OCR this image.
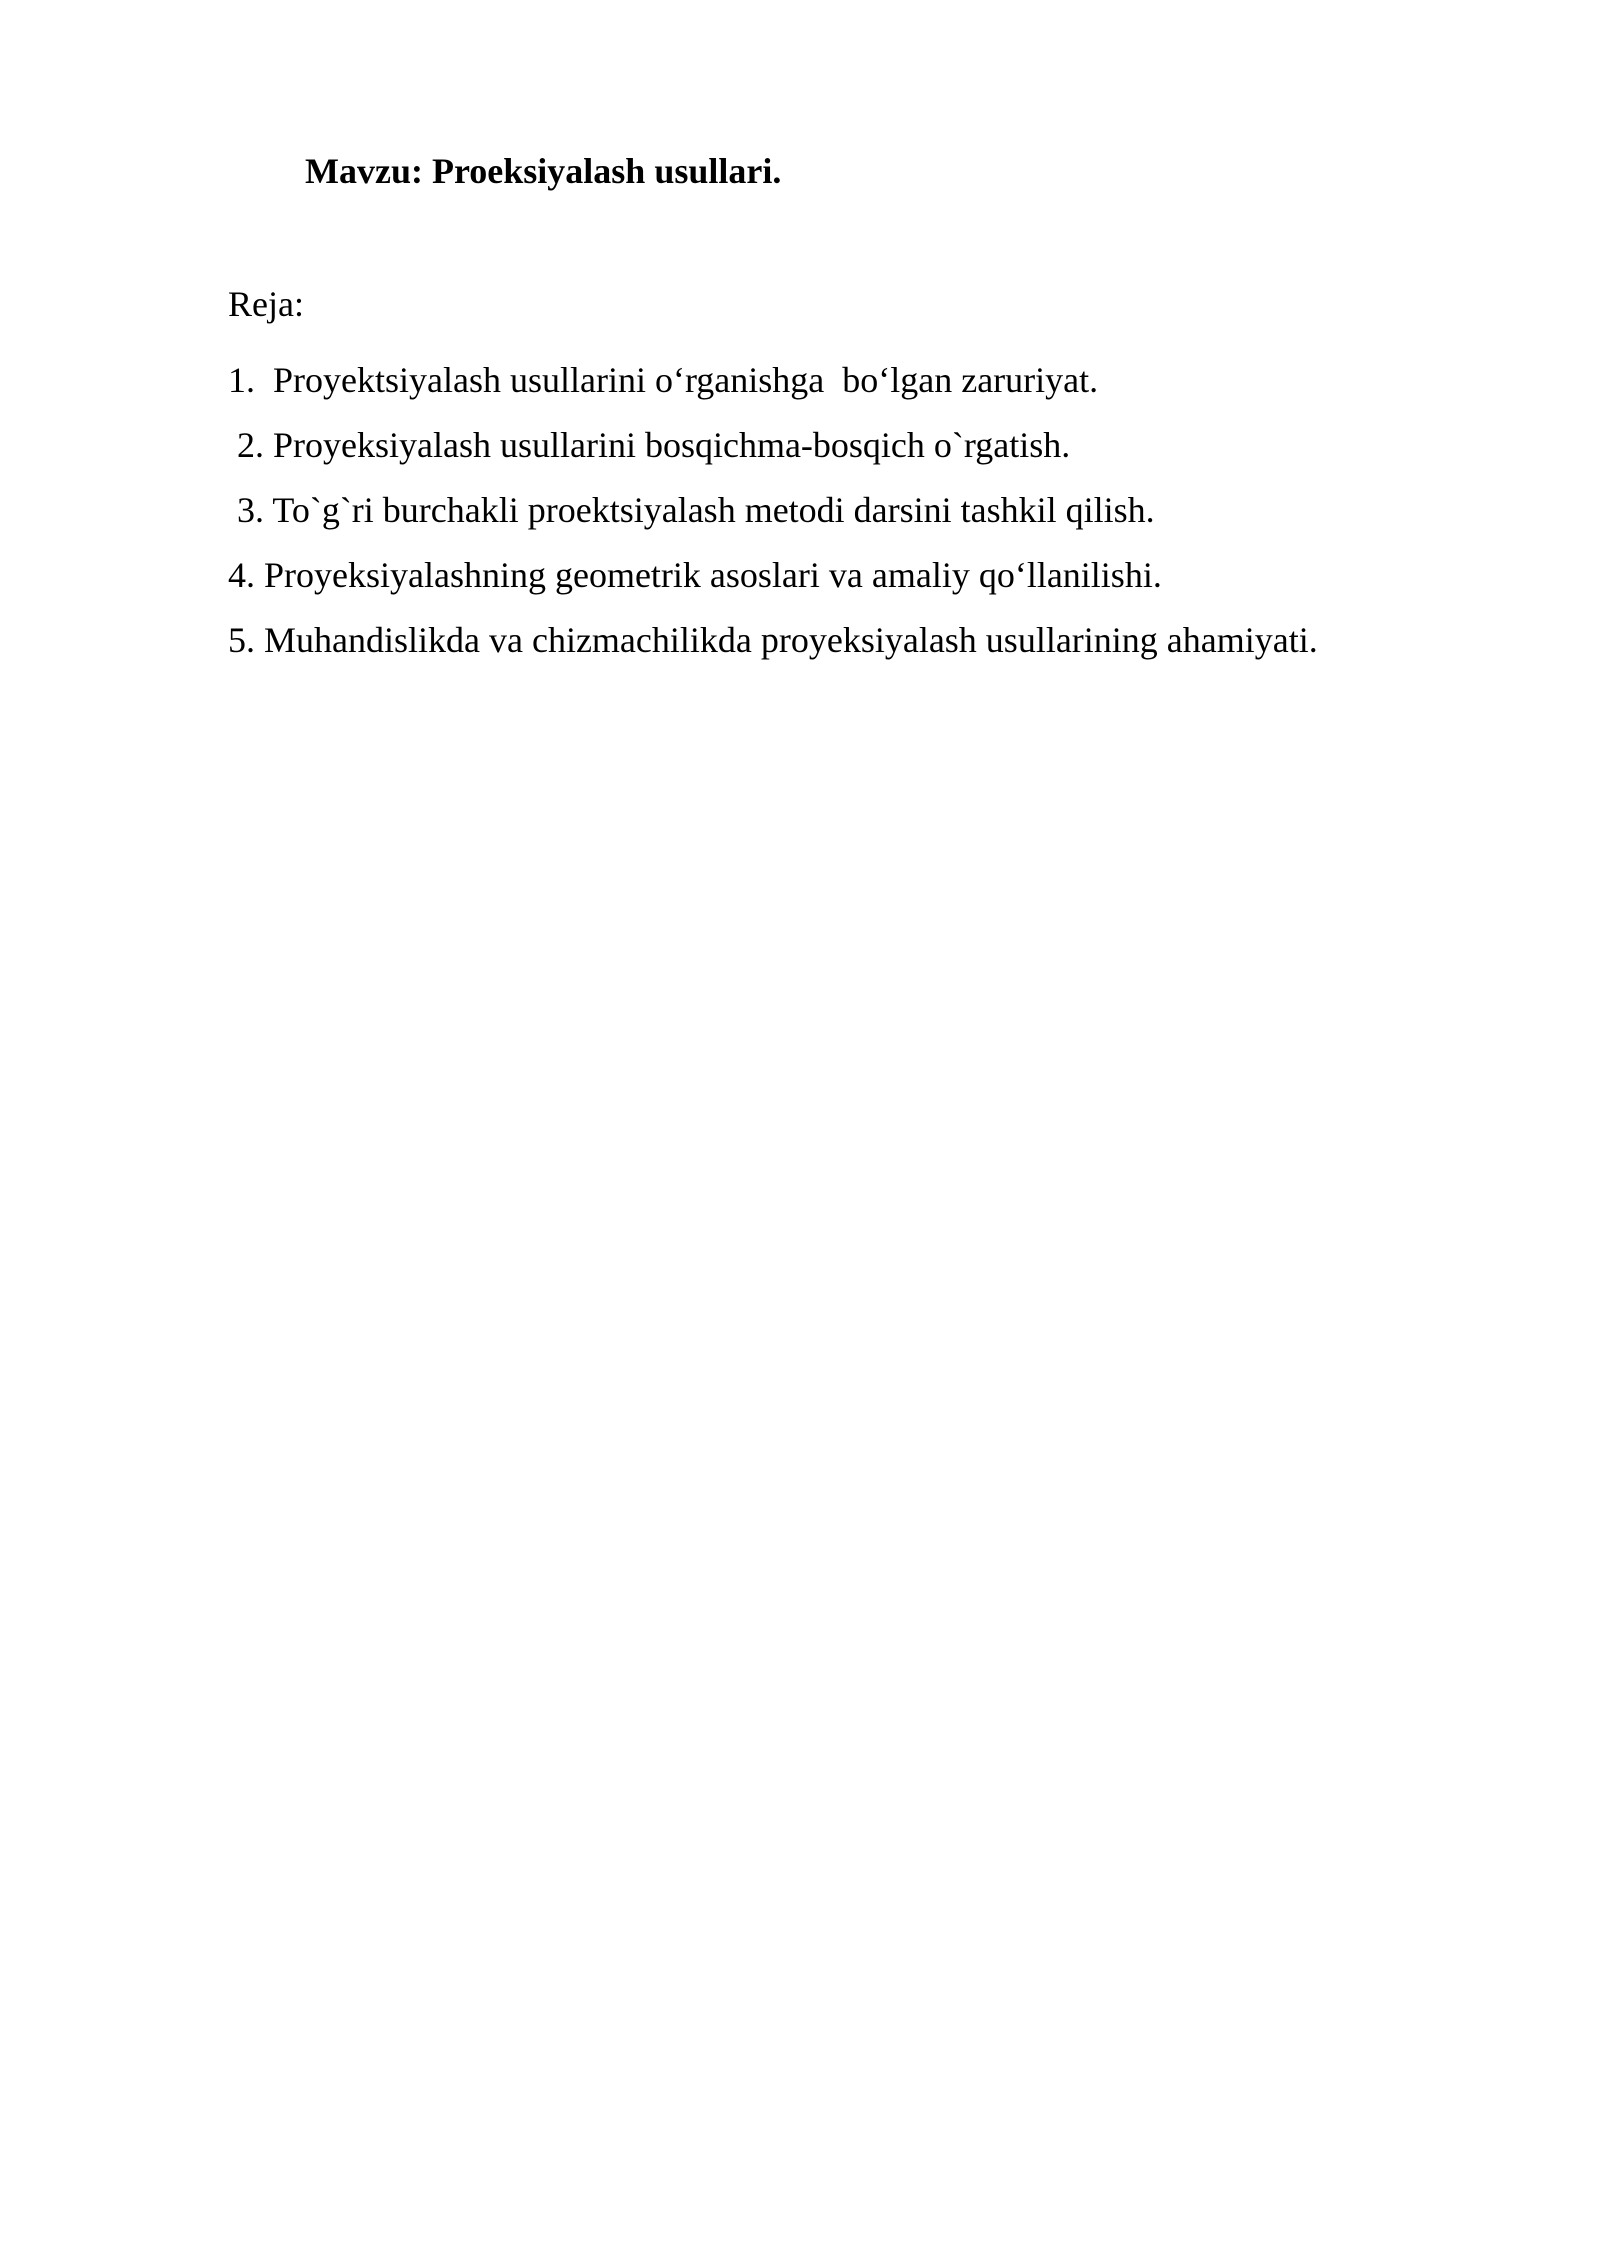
Mavzu: Proeksiyalash usullari.
Reja:
1.  Proyektsiyalash usullarini o‘rganishga  bo‘lgan zaruriyat.
2. Proyeksiyalash usullarini bosqichma-bosqich o`rgatish.
3. To`g`ri burchakli proektsiyalash metodi darsini tashkil qilish.
4. Proyeksiyalashning geometrik asoslari va amaliy qo‘llanilishi.
5. Muhandislikda va chizmachilikda proyeksiyalash usullarining ahamiyati.
